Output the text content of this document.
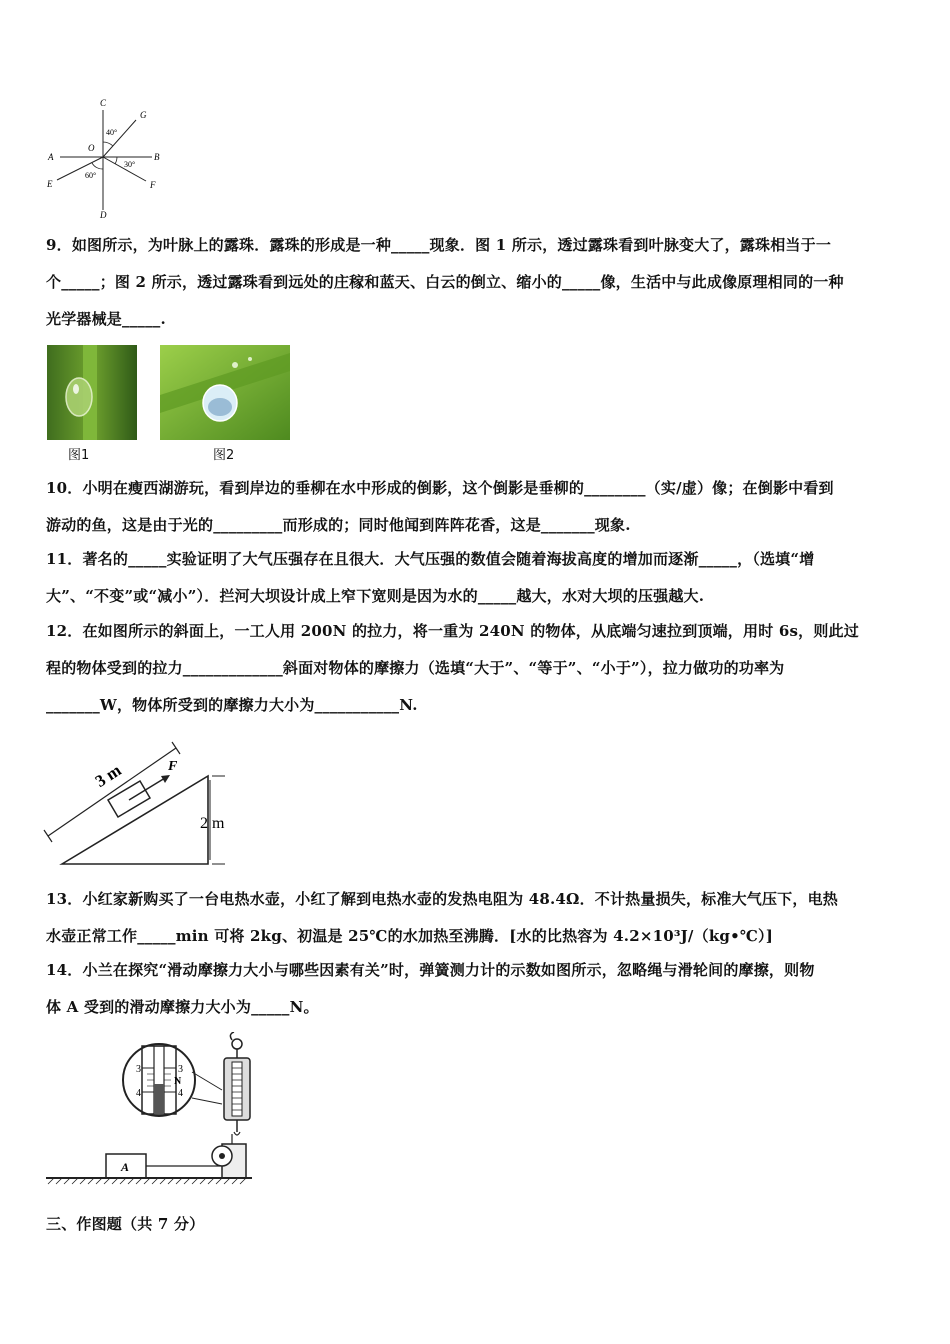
C
G
A
O
B
E	F
D
40°
30°
60°
9．如图所示，为叶脉上的露珠．露珠的形成是一种_____现象．图 1 所示，透过露珠看到叶脉变大了，露珠相当于一
个_____；图 2 所示，透过露珠看到远处的庄稼和蓝天、白云的倒立、缩小的_____像，生活中与此成像原理相同的一种
光学器械是_____.
图1	图2
10．小明在瘦西湖游玩，看到岸边的垂柳在水中形成的倒影，这个倒影是垂柳的________（实/虚）像；在倒影中看到
游动的鱼，这是由于光的_________而形成的；同时他闻到阵阵花香，这是_______现象.
11．著名的_____实验证明了大气压强存在且很大．大气压强的数值会随着海拔高度的增加而逐渐_____，（选填“增
大”、“不变”或“减小”）．拦河大坝设计成上窄下宽则是因为水的_____越大，水对大坝的压强越大.
12．在如图所示的斜面上，一工人用 200N 的拉力，将一重为 240N 的物体，从底端匀速拉到顶端，用时 6s，则此过
程的物体受到的拉力_____________斜面对物体的摩擦力（选填“大于”、“等于”、“小于”），拉力做功的功率为
_______W，物体所受到的摩擦力大小为___________N.
3 m	F
2 m
13．小红家新购买了一台电热水壶，小红了解到电热水壶的发热电阻为 48.4Ω．不计热量损失，标准大气压下，电热
水壶正常工作_____min 可将 2kg、初温是 25℃的水加热至沸腾．[水的比热容为 4.2×10³J/（kg•℃）]
14．小兰在探究“滑动摩擦力大小与哪些因素有关”时，弹簧测力计的示数如图所示，忽略绳与滑轮间的摩擦，则物
体 A 受到的滑动摩擦力大小为_____N。
3	3
4	4
N
A
三、作图题（共 7 分）
